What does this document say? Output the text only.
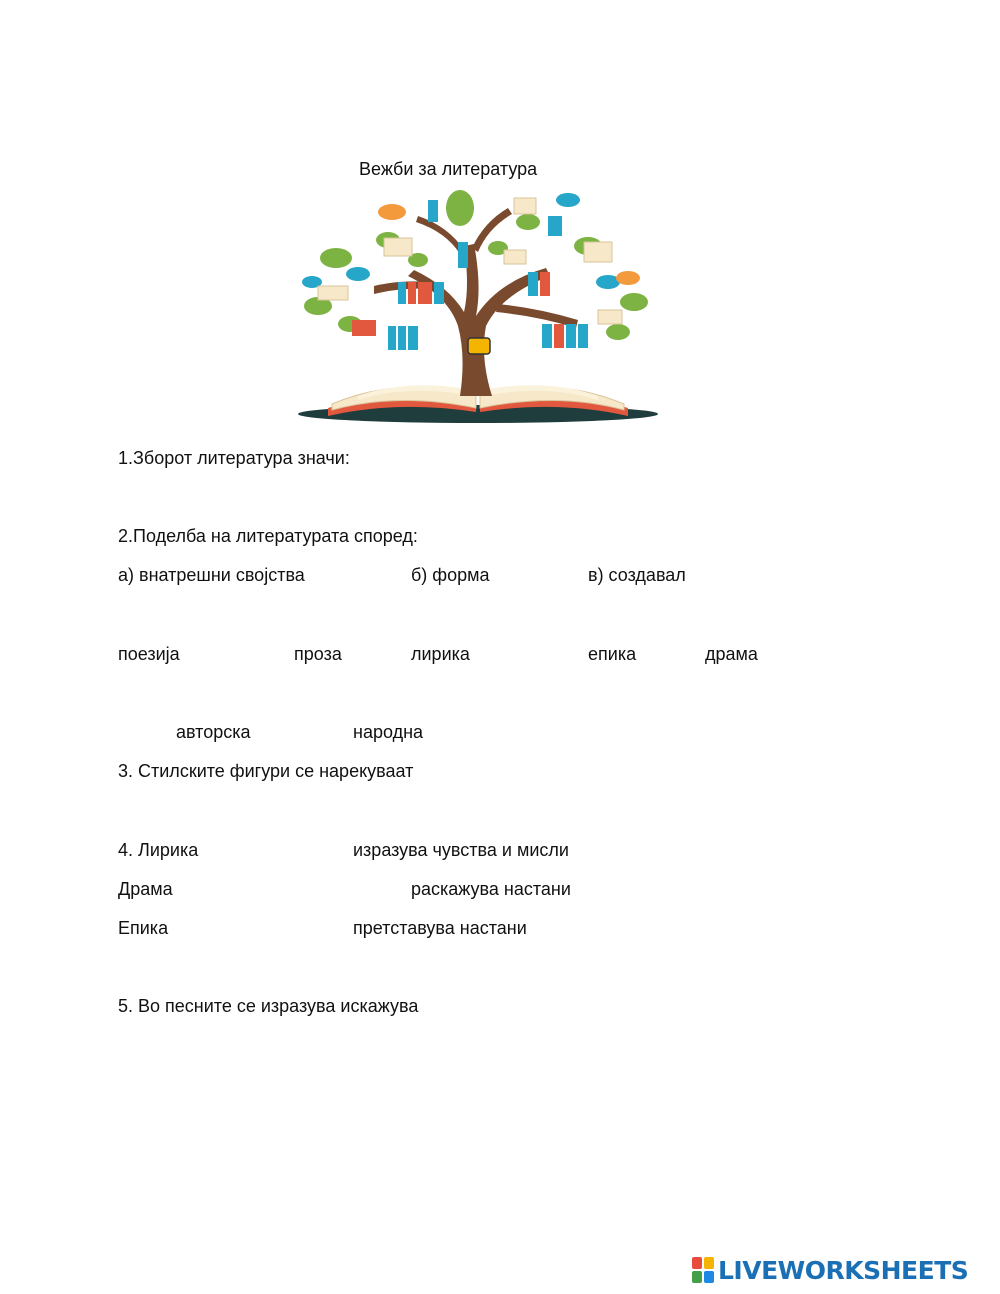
Вежби за литература
1.Зборот литература значи:
2.Поделба на литературата според:
а) внатрешни својства	б) форма	в) создавал
поезија	проза	лирика	епика	драма
авторска	народна
3. Стилските фигури се нарекуваат
4. Лирика	изразува чувства и мисли
Драма	раскажува настани
Епика	претставува настани
5. Во песните се изразува искажува
LIVEWORKSHEETS
